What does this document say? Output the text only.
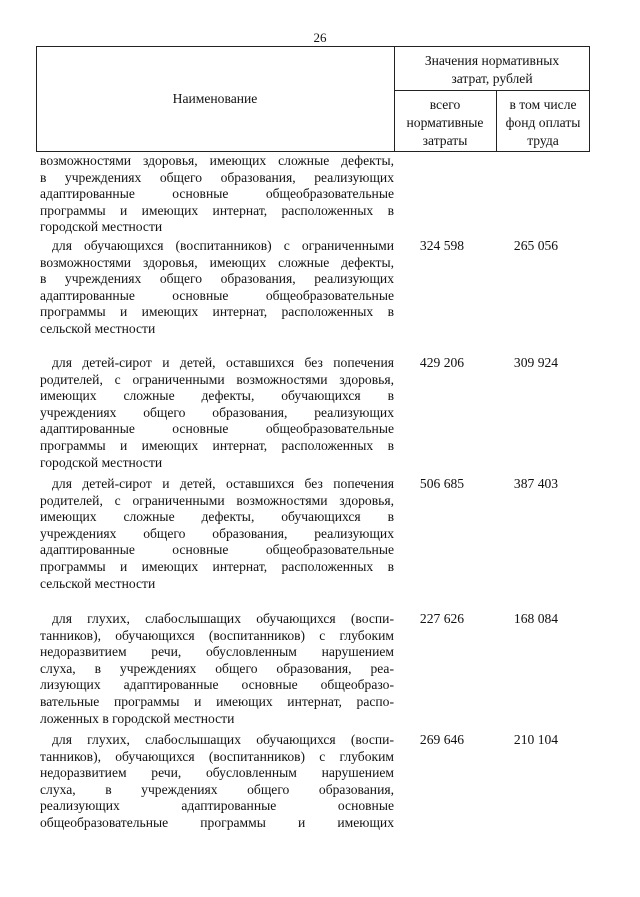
26
Наименование
Значения нормативных
затрат, рублей
всего
нормативные
затраты
в том числе
фонд оплаты
труда
возможностями здоровья, имеющих сложные дефекты,
в учреждениях общего образования, реализующих
адаптированные основные общеобразовательные
программы и имеющих интернат, расположенных в
городской местности
для обучающихся (воспитанников) с ограниченными
возможностями здоровья, имеющих сложные дефекты,
в учреждениях общего образования, реализующих
адаптированные основные общеобразовательные
программы и имеющих интернат, расположенных в
сельской местности
324 598	265 056
для детей-сирот и детей, оставшихся без попечения
родителей, с ограниченными возможностями здоровья,
имеющих сложные дефекты, обучающихся в
учреждениях общего образования, реализующих
адаптированные основные общеобразовательные
программы и имеющих интернат, расположенных в
городской местности
429 206	309 924
для детей-сирот и детей, оставшихся без попечения
родителей, с ограниченными возможностями здоровья,
имеющих сложные дефекты, обучающихся в
учреждениях общего образования, реализующих
адаптированные основные общеобразовательные
программы и имеющих интернат, расположенных в
сельской местности
506 685	387 403
для глухих, слабослышащих обучающихся (воспи-
танников), обучающихся (воспитанников) с глубоким
недоразвитием речи, обусловленным нарушением
слуха, в учреждениях общего образования, реа-
лизующих адаптированные основные общеобразо-
вательные программы и имеющих интернат, распо-
ложенных в городской местности
227 626	168 084
для глухих, слабослышащих обучающихся (воспи-
танников), обучающихся (воспитанников) с глубоким
недоразвитием речи, обусловленным нарушением
слуха, в учреждениях общего образования,
реализующих адаптированные основные
общеобразовательные программы и имеющих
269 646	210 104
